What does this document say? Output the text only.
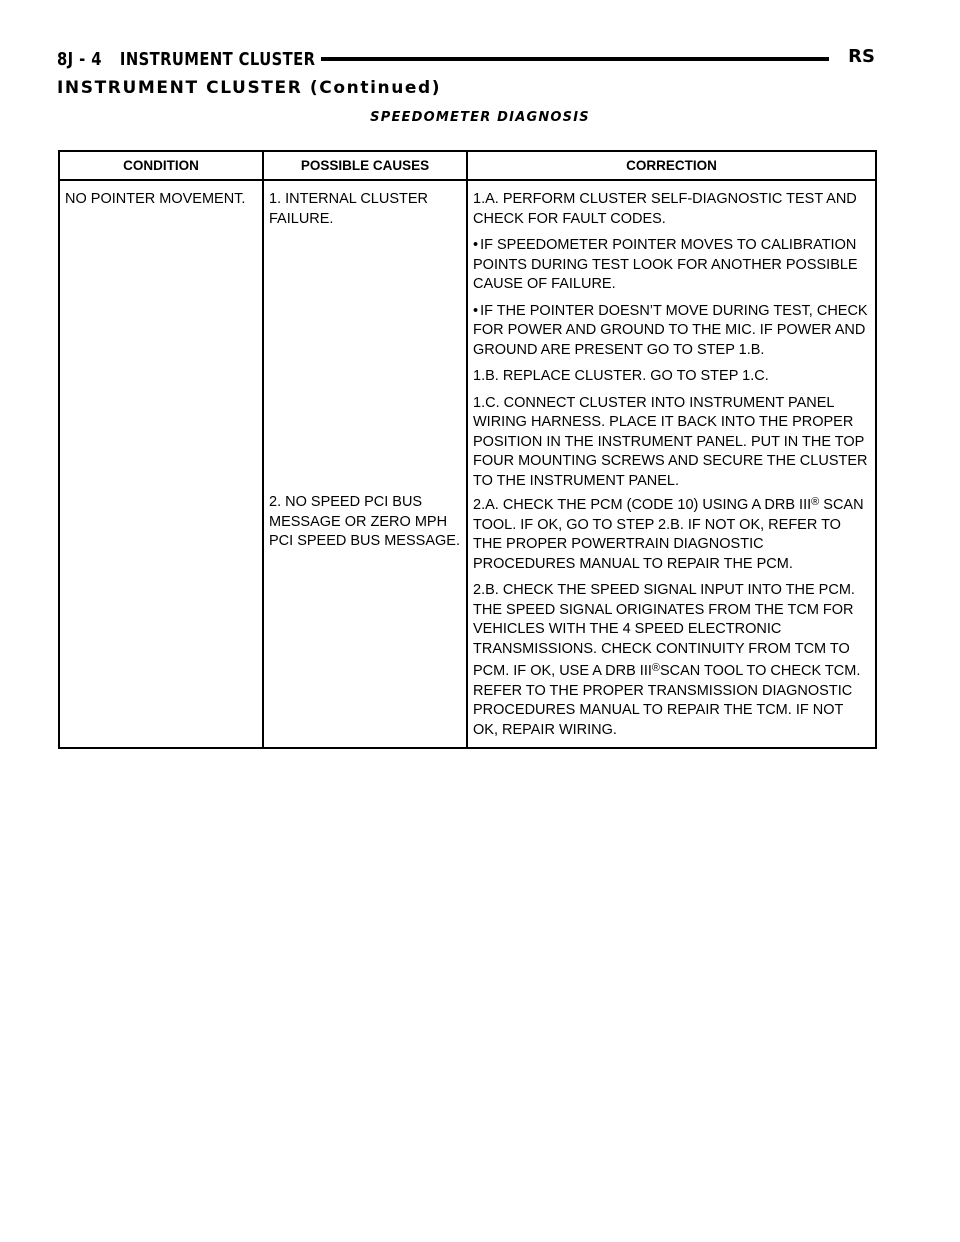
8J - 4 INSTRUMENT CLUSTER	RS
INSTRUMENT CLUSTER (Continued)
SPEEDOMETER DIAGNOSIS
CONDITION	POSSIBLE CAUSES	CORRECTION

NO POINTER MOVEMENT.	1. INTERNAL CLUSTER FAILURE.	1.A. PERFORM CLUSTER SELF-DIAGNOSTIC TEST AND CHECK FOR FAULT CODES.
• IF SPEEDOMETER POINTER MOVES TO CALIBRATION POINTS DURING TEST LOOK FOR ANOTHER POSSIBLE CAUSE OF FAILURE.
• IF THE POINTER DOESN’T MOVE DURING TEST, CHECK FOR POWER AND GROUND TO THE MIC. IF POWER AND GROUND ARE PRESENT GO TO STEP 1.B.
1.B. REPLACE CLUSTER. GO TO STEP 1.C.
1.C. CONNECT CLUSTER INTO INSTRUMENT PANEL WIRING HARNESS. PLACE IT BACK INTO THE PROPER POSITION IN THE INSTRUMENT PANEL. PUT IN THE TOP FOUR MOUNTING SCREWS AND SECURE THE CLUSTER TO THE INSTRUMENT PANEL.

	2. NO SPEED PCI BUS MESSAGE OR ZERO MPH PCI SPEED BUS MESSAGE.	2.A. CHECK THE PCM (CODE 10) USING A DRB III® SCAN TOOL. IF OK, GO TO STEP 2.B. IF NOT OK, REFER TO THE PROPER POWERTRAIN DIAGNOSTIC PROCEDURES MANUAL TO REPAIR THE PCM.
2.B. CHECK THE SPEED SIGNAL INPUT INTO THE PCM. THE SPEED SIGNAL ORIGINATES FROM THE TCM FOR VEHICLES WITH THE 4 SPEED ELECTRONIC TRANSMISSIONS. CHECK CONTINUITY FROM TCM TO PCM. IF OK, USE A DRB III®SCAN TOOL TO CHECK TCM. REFER TO THE PROPER TRANSMISSION DIAGNOSTIC PROCEDURES MANUAL TO REPAIR THE TCM. IF NOT OK, REPAIR WIRING.
